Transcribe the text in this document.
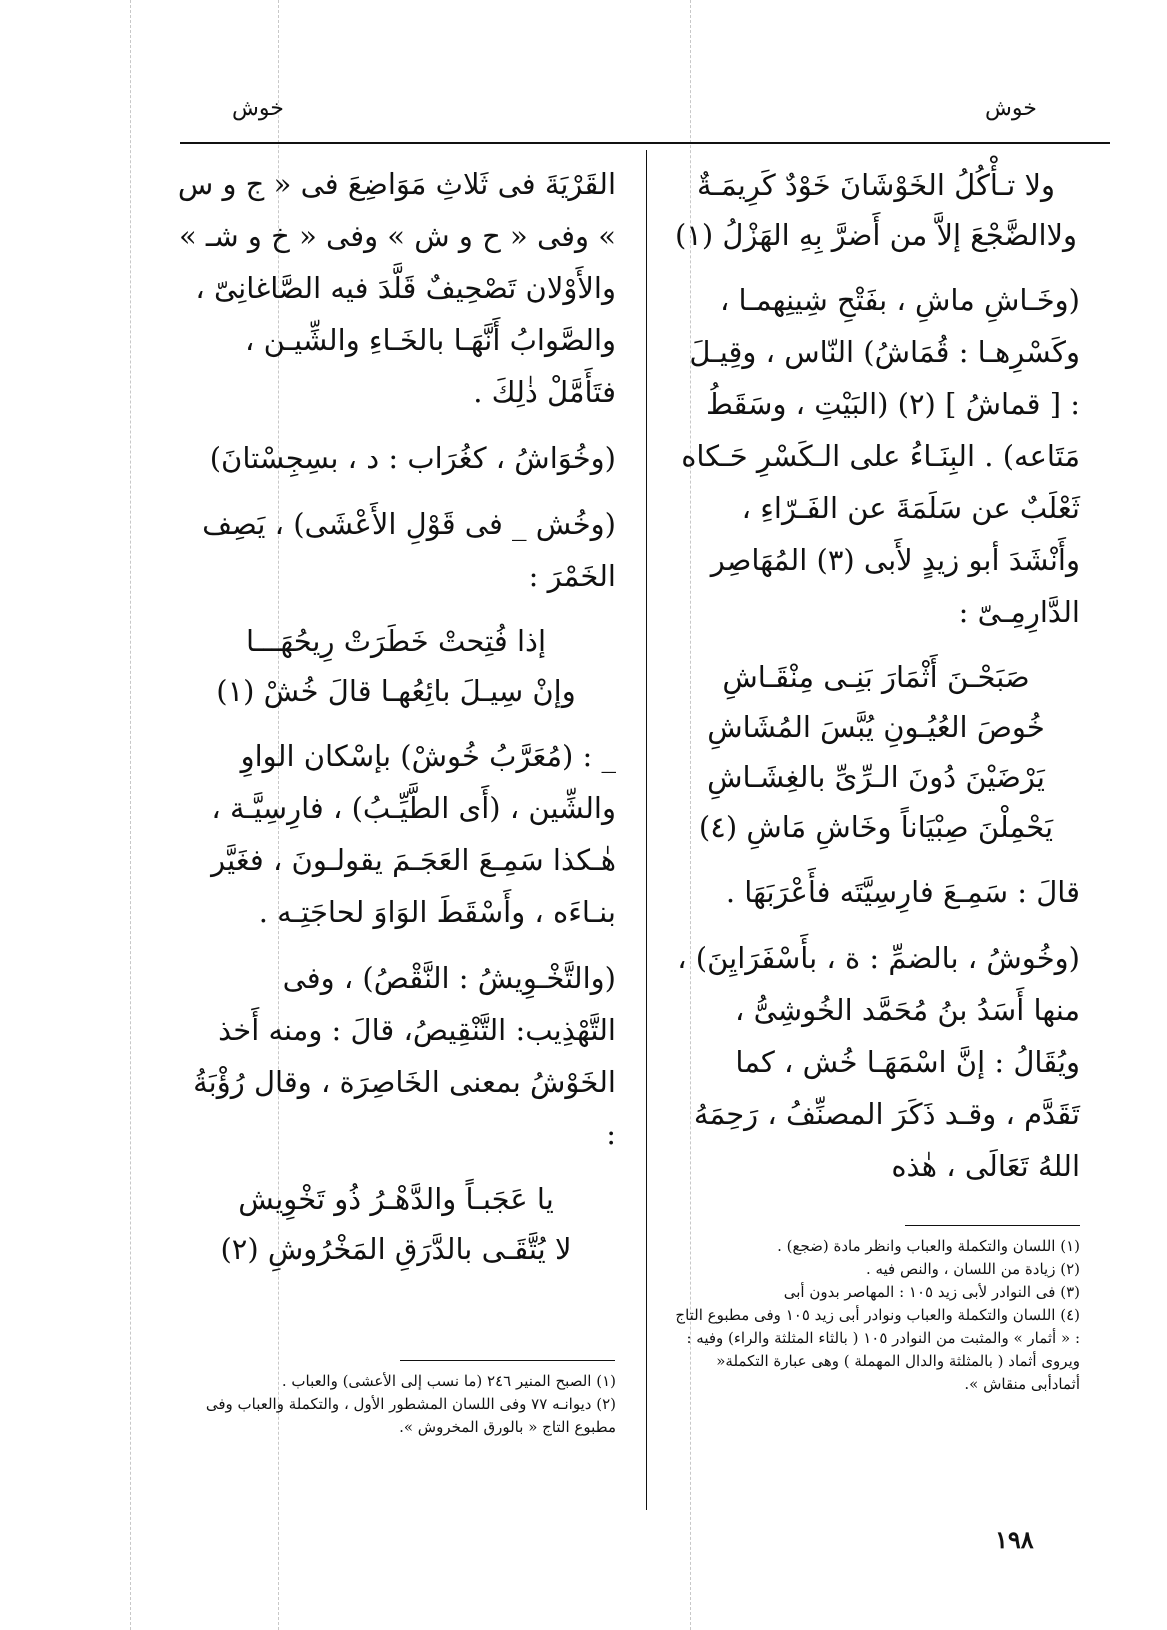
خوش
خوش
ولا تـأْكُلُ الخَوْشَانَ خَوْدٌ كَرِيمَـةٌ
ولاالضَّجْعَ إلاَّ من أَضرَّ بِهِ الهَزْلُ (١)

(وخَـاشِ ماشِ ، بفَتْحِ شِينِهمـا ، وكَسْرِهـا : قُمَاشُ) النّاس ، وقِيـلَ : [ قماشُ ] (٢) (البَيْتِ ، وسَقَطُ مَتَاعه) . البِنَـاءُ على الـكَسْرِ حَـكاه ثَعْلَبٌ عن سَلَمَةَ عن الفَـرّاءِ ، وأَنْشَدَ أبو زيدٍ لأَبى (٣) المُهَاصِر الدَّارِمِـىّ :

صَبَحْـنَ أَثْمَارَ بَنِـى مِنْقَـاشِ
خُوصَ العُيُـونِ يُبَّسَ المُشَاشِ
يَرْضَيْنَ دُونَ الـرِّىِّ بالغِشَـاشِ
يَحْمِلْنَ صِبْيَاناً وخَاشِ مَاشِ (٤)

قالَ : سَمِـعَ فارِسِيَّتَه فأَعْرَبَهَا .

(وخُوشُ ، بالضمِّ : ة ، بأَسْفَرَايِنَ) ، منها أَسَدُ بنُ مُحَمَّد الخُوشِىُّ ، ويُقَالُ : إنَّ اسْمَهَـا خُش ، كما تَقَدَّم ، وقـد ذَكَرَ المصنِّفُ ، رَحِمَهُ اللهُ تَعَالَى ، هٰذه

(١) اللسان والتكملة والعباب وانظر مادة (ضجع) .
(٢) زيادة من اللسان ، والنص فيه .
(٣) فى النوادر لأبى زيد ١٠٥ : المهاصر بدون أبى
(٤) اللسان والتكملة والعباب ونوادر أبى زيد ١٠٥ وفى مطبوع التاج : « أثمار » والمثبت من النوادر ١٠٥ ( بالثاء المثلثة والراء) وفيه : ويروى أثماد ( بالمثلثة والدال المهملة ) وهى عبارة التكملة« أثمادأبى منقاش ».

القَرْيَةَ فى ثَلاثِ مَوَاضِعَ فى « ج و س » وفى « ح و ش » وفى « خ و شـ » والأَوْلان تَصْحِيفٌ قَلَّدَ فيه الصَّاغانِىّ ، والصَّوابُ أَنَّهَـا بالخَـاءِ والشِّيـن ، فتَأَمَّلْ ذٰلِكَ .

(وخُوَاشُ ، كغُرَاب : د ، بسِجِسْتانَ)

(وخُش _ فى قَوْلِ الأَعْشَى) ، يَصِف الخَمْرَ :

إذا فُتِحتْ خَطَرَتْ رِيحُهَـــا
وإنْ سِيـلَ بائِعُهـا قالَ خُشْ (١)

_ : (مُعَرَّبُ خُوشْ) بإسْكان الواوِ والشِّين ، (أَى الطَّيِّـبُ) ، فارِسِيَّـة ، هٰـكذا سَمِـعَ العَجَـمَ يقولـونَ ، فغَيَّر بنـاءَه ، وأَسْقَطَ الوَاوَ لحاجَتِـه .

(والتَّخْـوِيشُ : النَّقْصُ) ، وفى التَّهْذِيب: التَّنْقِيصُ، قالَ : ومنه أَخذ الخَوْشُ بمعنى الخَاصِرَة ، وقال رُؤْبَةُ :

يا عَجَبـاً والدَّهْـرُ ذُو تَخْوِيش
لا يُتَّقَـى بالدَّرَقِ المَخْرُوشِ (٢)
(١) الصبح المنير ٢٤٦ (ما نسب إلى الأعشى) والعباب .
(٢) ديوانـه ٧٧ وفى اللسان المشطور الأول ، والتكملة والعباب وفى مطبوع التاج « بالورق المخروش ».
١٩٨
